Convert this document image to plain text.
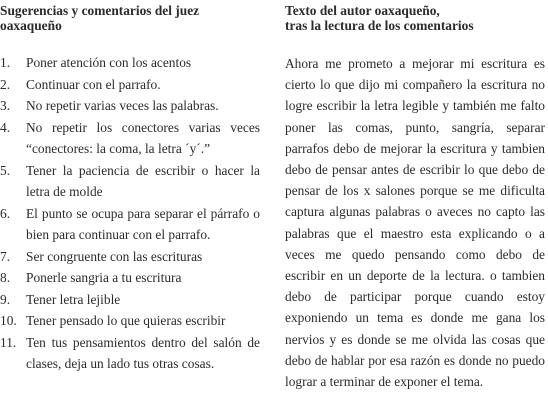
Sugerencias y comentarios del juez
oaxaqueño
1.	Poner atención con los acentos
2.	Continuar con el parrafo.
3.	No repetir varias veces las palabras.
4.	No repetir los conectores varias veces “conectores: la coma, la letra ´y´.”
5.	Tener la paciencia de escribir o hacer la letra de molde
6.	El punto se ocupa para separar el párrafo o bien para continuar con el parrafo.
7.	Ser congruente con las escrituras
8.	Ponerle sangria a tu escritura
9.	Tener letra lejible
10. Tener pensado lo que quieras escribir
11. Ten tus pensamientos dentro del salón de clases, deja un lado tus otras cosas.
Texto del autor oaxaqueño,
tras la lectura de los comentarios

Ahora me prometo a mejorar mi escritura es cierto lo que dijo mi compañero la escritura no logre escribir la letra legible y también me falto poner las comas, punto, sangría, separar parrafos debo de mejorar la escritura y tambien debo de pensar antes de escribir lo que debo de pensar de los x salones porque se me dificulta captura algunas palabras o aveces no capto las palabras que el maestro esta explicando o a veces me quedo pensando como debo de escribir en un deporte de la lectura. o tambien debo de participar porque cuando estoy exponiendo un tema es donde me gana los nervios y es donde se me olvida las cosas que debo de hablar por esa razón es donde no puedo lograr a terminar de exponer el tema.
